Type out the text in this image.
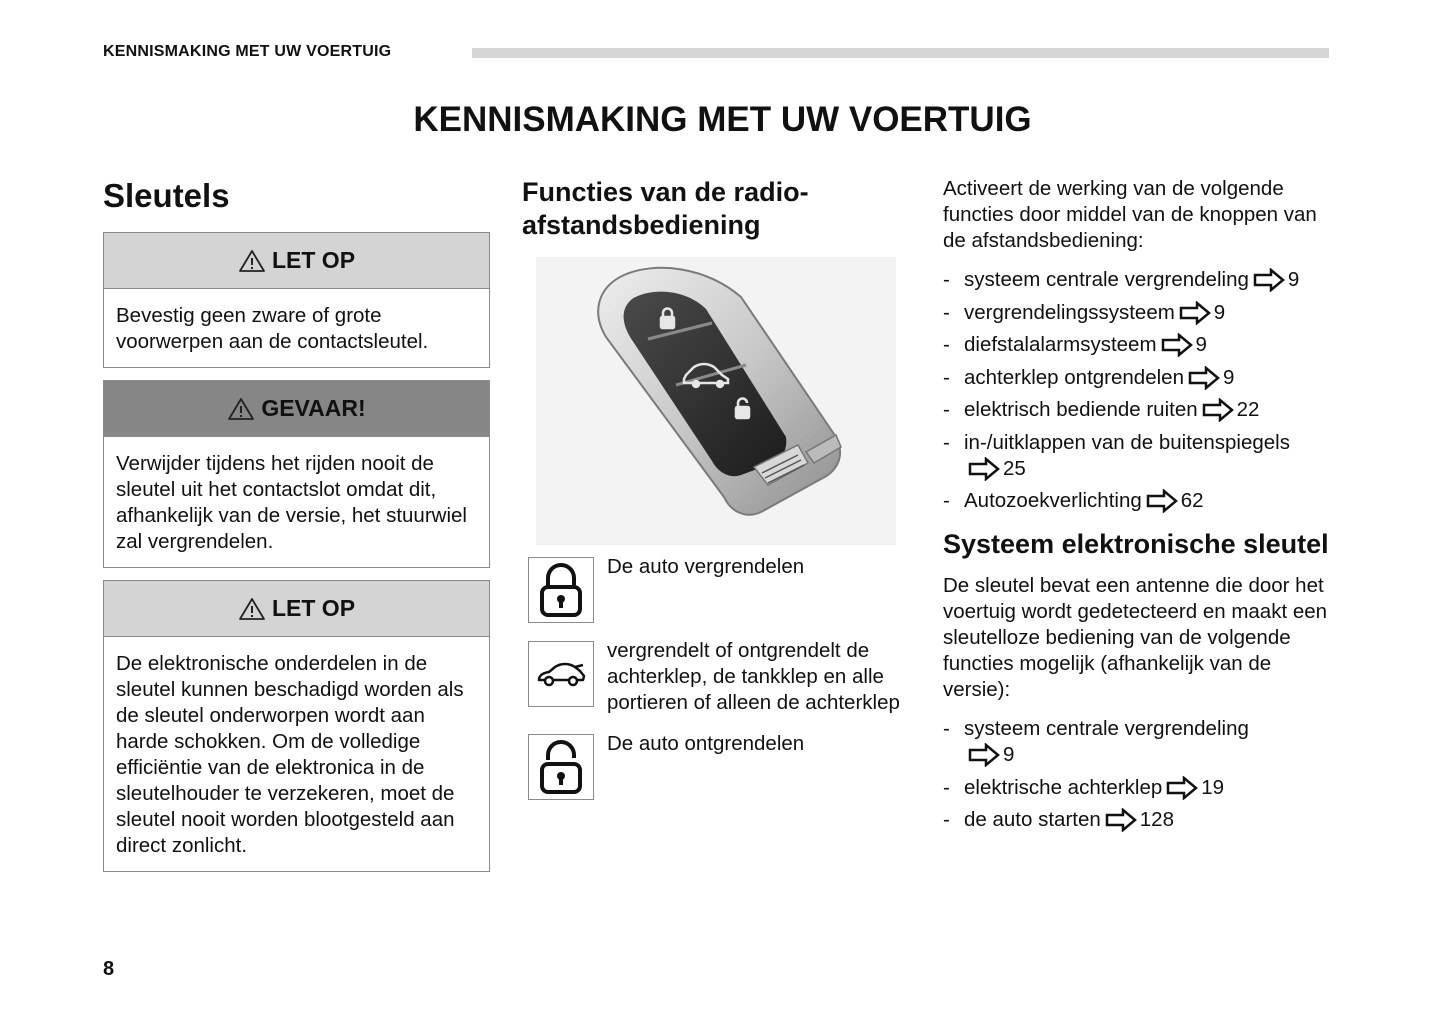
KENNISMAKING MET UW VOERTUIG
KENNISMAKING MET UW VOERTUIG
Sleutels
LET OP
Bevestig geen zware of grote voorwerpen aan de contactsleutel.
GEVAAR!
Verwijder tijdens het rijden nooit de sleutel uit het contactslot omdat dit, afhankelijk van de versie, het stuurwiel zal vergrendelen.
LET OP
De elektronische onderdelen in de sleutel kunnen beschadigd worden als de sleutel onderworpen wordt aan harde schokken. Om de volledige efficiëntie van de elektronica in de sleutelhouder te verzekeren, moet de sleutel nooit worden blootgesteld aan direct zonlicht.
Functies van de radio-afstandsbediening
De auto vergrendelen
vergrendelt of ontgrendelt de achterklep, de tankklep en alle portieren of alleen de achterklep
De auto ontgrendelen

Activeert de werking van de volgende functies door middel van de knoppen van de afstandsbediening:

- systeem centrale vergrendeling 9
- vergrendelingssysteem 9
- diefstalalarmsysteem 9
- achterklep ontgrendelen 9
- elektrisch bediende ruiten 22
- in-/uitklappen van de buitenspiegels
25
- Autozoekverlichting 62
Systeem elektronische sleutel

De sleutel bevat een antenne die door het voertuig wordt gedetecteerd en maakt een sleutelloze bediening van de volgende functies mogelijk (afhankelijk van de versie):

- systeem centrale vergrendeling
9
- elektrische achterklep 19
- de auto starten 128
8
